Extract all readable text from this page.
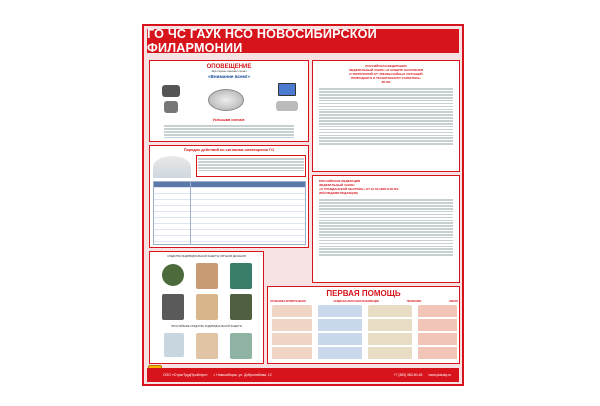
ГО ЧС ГАУК НСО НОВОСИБИРСКОЙ ФИЛАРМОНИИ
ОПОВЕЩЕНИЕ
Звук сирены означает сигнал
«Внимание всем!»
Услышав сигнал:
Порядок действий по сигналам оповещения ГО
РОССИЙСКАЯ ФЕДЕРАЦИЯ
ФЕДЕРАЛЬНЫЙ ЗАКОН «О ЗАЩИТЕ НАСЕЛЕНИЯ
И ТЕРРИТОРИЙ ОТ ЧРЕЗВЫЧАЙНЫХ СИТУАЦИЙ
ПРИРОДНОГО И ТЕХНОГЕННОГО ХАРАКТЕРА»
68-ФЗ
РОССИЙСКАЯ ФЕДЕРАЦИЯ
ФЕДЕРАЛЬНЫЙ ЗАКОН
«О ГРАЖДАНСКОЙ ОБОРОНЕ» ОТ 12.02.1998 N 28-ФЗ
(ПОСЛЕДНЯЯ РЕДАКЦИЯ)
СРЕДСТВА ИНДИВИДУАЛЬНОЙ ЗАЩИТЫ ОРГАНОВ ДЫХАНИЯ
ПРОСТЕЙШИЕ СРЕДСТВА ИНДИВИДУАЛЬНОЙ ЗАЩИТЫ
ПЕРВАЯ ПОМОЩЬ
ОСТАНОВКА КРОВОТЕЧЕНИЯ	СЕРДЕЧНО-ЛЕГОЧНАЯ РЕАНИМАЦИЯ	ПЕРЕЛОМЫ	ОЖОГИ
ООО «СтрахТрудПроИнфо» г. Новосибирск, ул. Добролюбова, 12	+7 (383) 383-50-45 www.plakaty.ru
